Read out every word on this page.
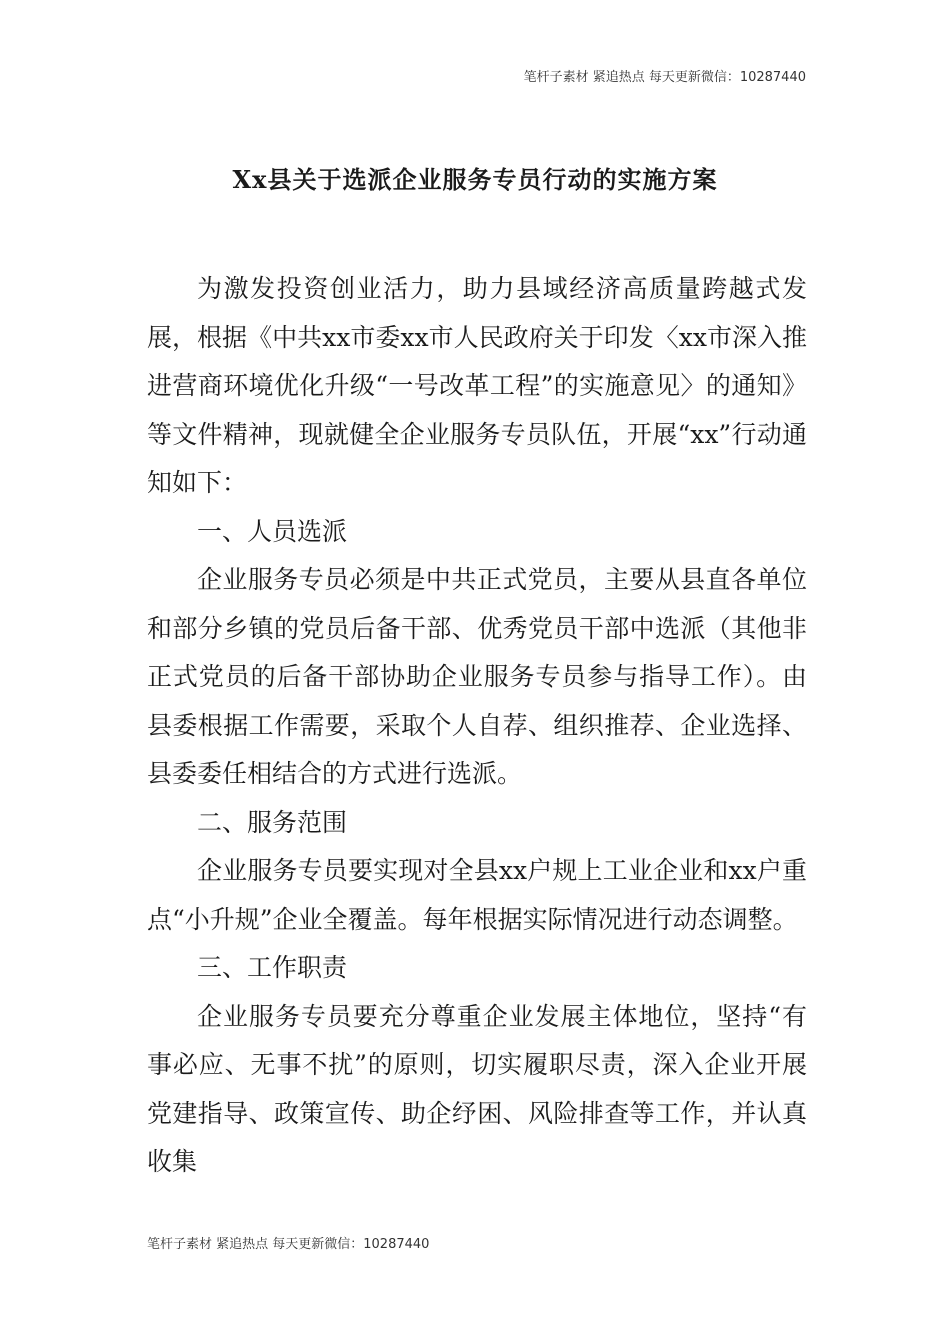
笔杆子素材 紧追热点 每天更新微信：10287440
Xx县关于选派企业服务专员行动的实施方案

为激发投资创业活力，助力县域经济高质量跨越式发展，根据《中共xx市委xx市人民政府关于印发〈xx市深入推进营商环境优化升级“一号改革工程”的实施意见〉的通知》等文件精神，现就健全企业服务专员队伍，开展“xx”行动通知如下：

一、人员选派

企业服务专员必须是中共正式党员，主要从县直各单位和部分乡镇的党员后备干部、优秀党员干部中选派（其他非正式党员的后备干部协助企业服务专员参与指导工作）。由县委根据工作需要，采取个人自荐、组织推荐、企业选择、县委委任相结合的方式进行选派。

二、服务范围

企业服务专员要实现对全县xx户规上工业企业和xx户重点“小升规”企业全覆盖。每年根据实际情况进行动态调整。

三、工作职责

企业服务专员要充分尊重企业发展主体地位，坚持“有事必应、无事不扰”的原则，切实履职尽责，深入企业开展党建指导、政策宣传、助企纾困、风险排查等工作，并认真收集

笔杆子素材 紧追热点 每天更新微信：10287440
